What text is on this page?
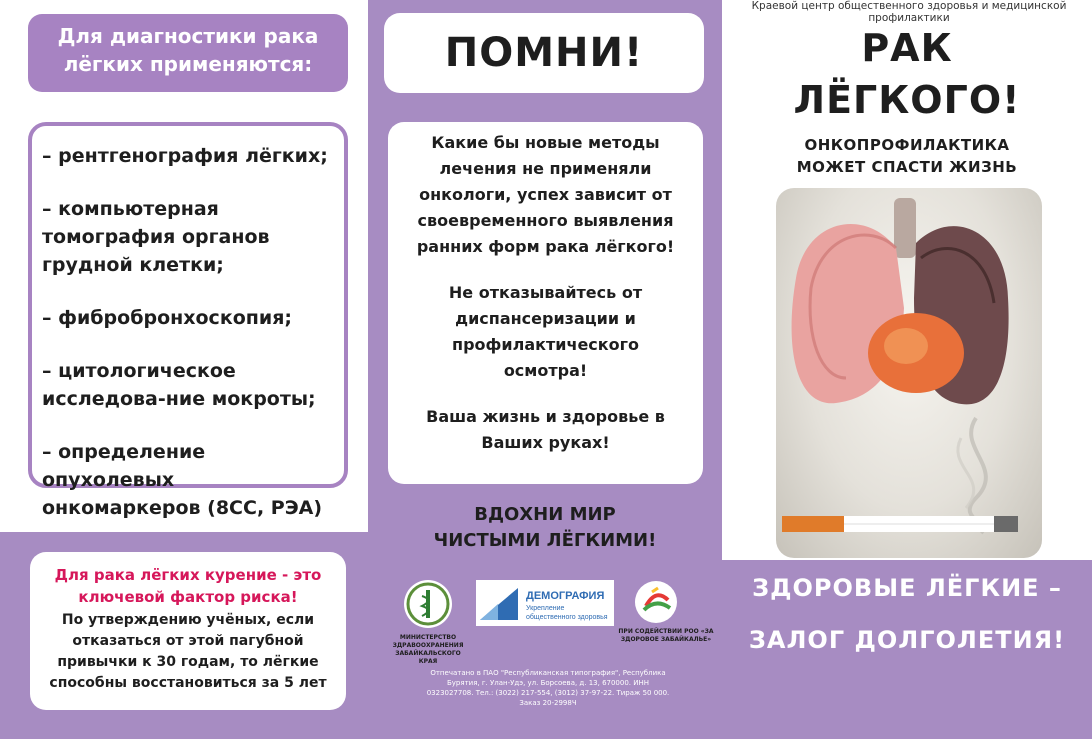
Для диагностики рака лёгких применяются:
– рентгенография лёгких;
– компьютерная томография органов грудной клетки;
– фибробронхоскопия;
– цитологическое исследова-ние мокроты;
– определение опухолевых онкомаркеров (8СС, РЭА)
Для рака лёгких курение - это ключевой фактор риска!
По утверждению учёных, если отказаться от этой пагубной привычки к 30 годам, то лёгкие способны восстановиться за 5 лет
ПОМНИ!

Какие бы новые методы лечения не применяли онкологи, успех зависит от своевременного выявления ранних форм рака лёгкого!

Не отказывайтесь от диспансеризации и профилактического осмотра!

Ваша жизнь и здоровье в Ваших руках!

ВДОХНИ МИР
ЧИСТЫМИ ЛЁГКИМИ!
МИНИСТЕРСТВО ЗДРАВООХРАНЕНИЯ ЗАБАЙКАЛЬСКОГО КРАЯ
ДЕМОГРАФИЯ
Укрепление общественного здоровья
ПРИ СОДЕЙСТВИИ РОО «ЗА ЗДОРОВОЕ ЗАБАЙКАЛЬЕ»
Отпечатано в ПАО "Республиканская типография", Республика Бурятия, г. Улан-Удэ, ул. Борсоева, д. 13, 670000. ИНН 0323027708. Тел.: (3022) 217-554, (3012) 37-97-22. Тираж 50 000. Заказ 20-2998Ч
Краевой центр общественного здоровья и медицинской профилактики
РАК
ЛЁГКОГО!
ОНКОПРОФИЛАКТИКА
МОЖЕТ СПАСТИ ЖИЗНЬ
ЗДОРОВЫЕ ЛЁГКИЕ –
ЗАЛОГ ДОЛГОЛЕТИЯ!
